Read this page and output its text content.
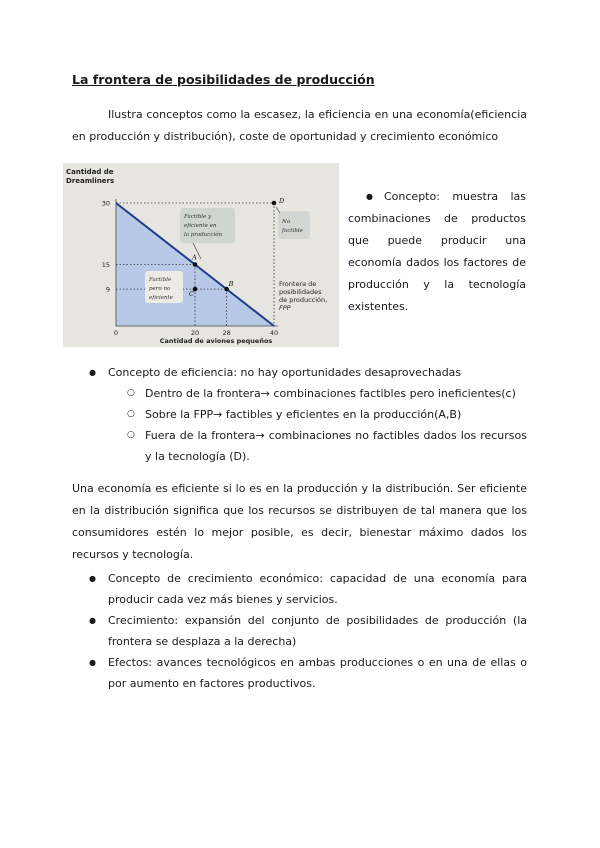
La frontera de posibilidades de producción
Ilustra conceptos como la escasez, la eficiencia en una economía(eficiencia en producción y distribución), coste de oportunidad y crecimiento económico
Cantidad de
Dreamliners
30
15
9
0	20	28	40
Cantidad de aviones pequeños
Factible y
eficiente en
la producción
Factible
pero no
eficiente
No
factible
Frontera de
posibilidades
de producción,
FPP
A
B
C
D
●	Concepto: muestra las combinaciones de productos que puede producir una economía dados los factores de producción y la tecnología existentes.
● Concepto de eficiencia: no hay oportunidades desaprovechadas
○ Dentro de la frontera→ combinaciones factibles pero ineficientes(c)
○ Sobre la FPP→ factibles y eficientes en la producción(A,B)
○ Fuera de la frontera→ combinaciones no factibles dados los recursos y la tecnología (D).

Una economía es eficiente si lo es en la producción y la distribución. Ser eficiente en la distribución significa que los recursos se distribuyen de tal manera que los consumidores estén lo mejor posible, es decir, bienestar máximo dados los recursos y tecnología.

● Concepto de crecimiento económico: capacidad de una economía para producir cada vez más bienes y servicios.
● Crecimiento: expansión del conjunto de posibilidades de producción (la frontera se desplaza a la derecha)
● Efectos: avances tecnológicos en ambas producciones o en una de ellas o por aumento en factores productivos.
